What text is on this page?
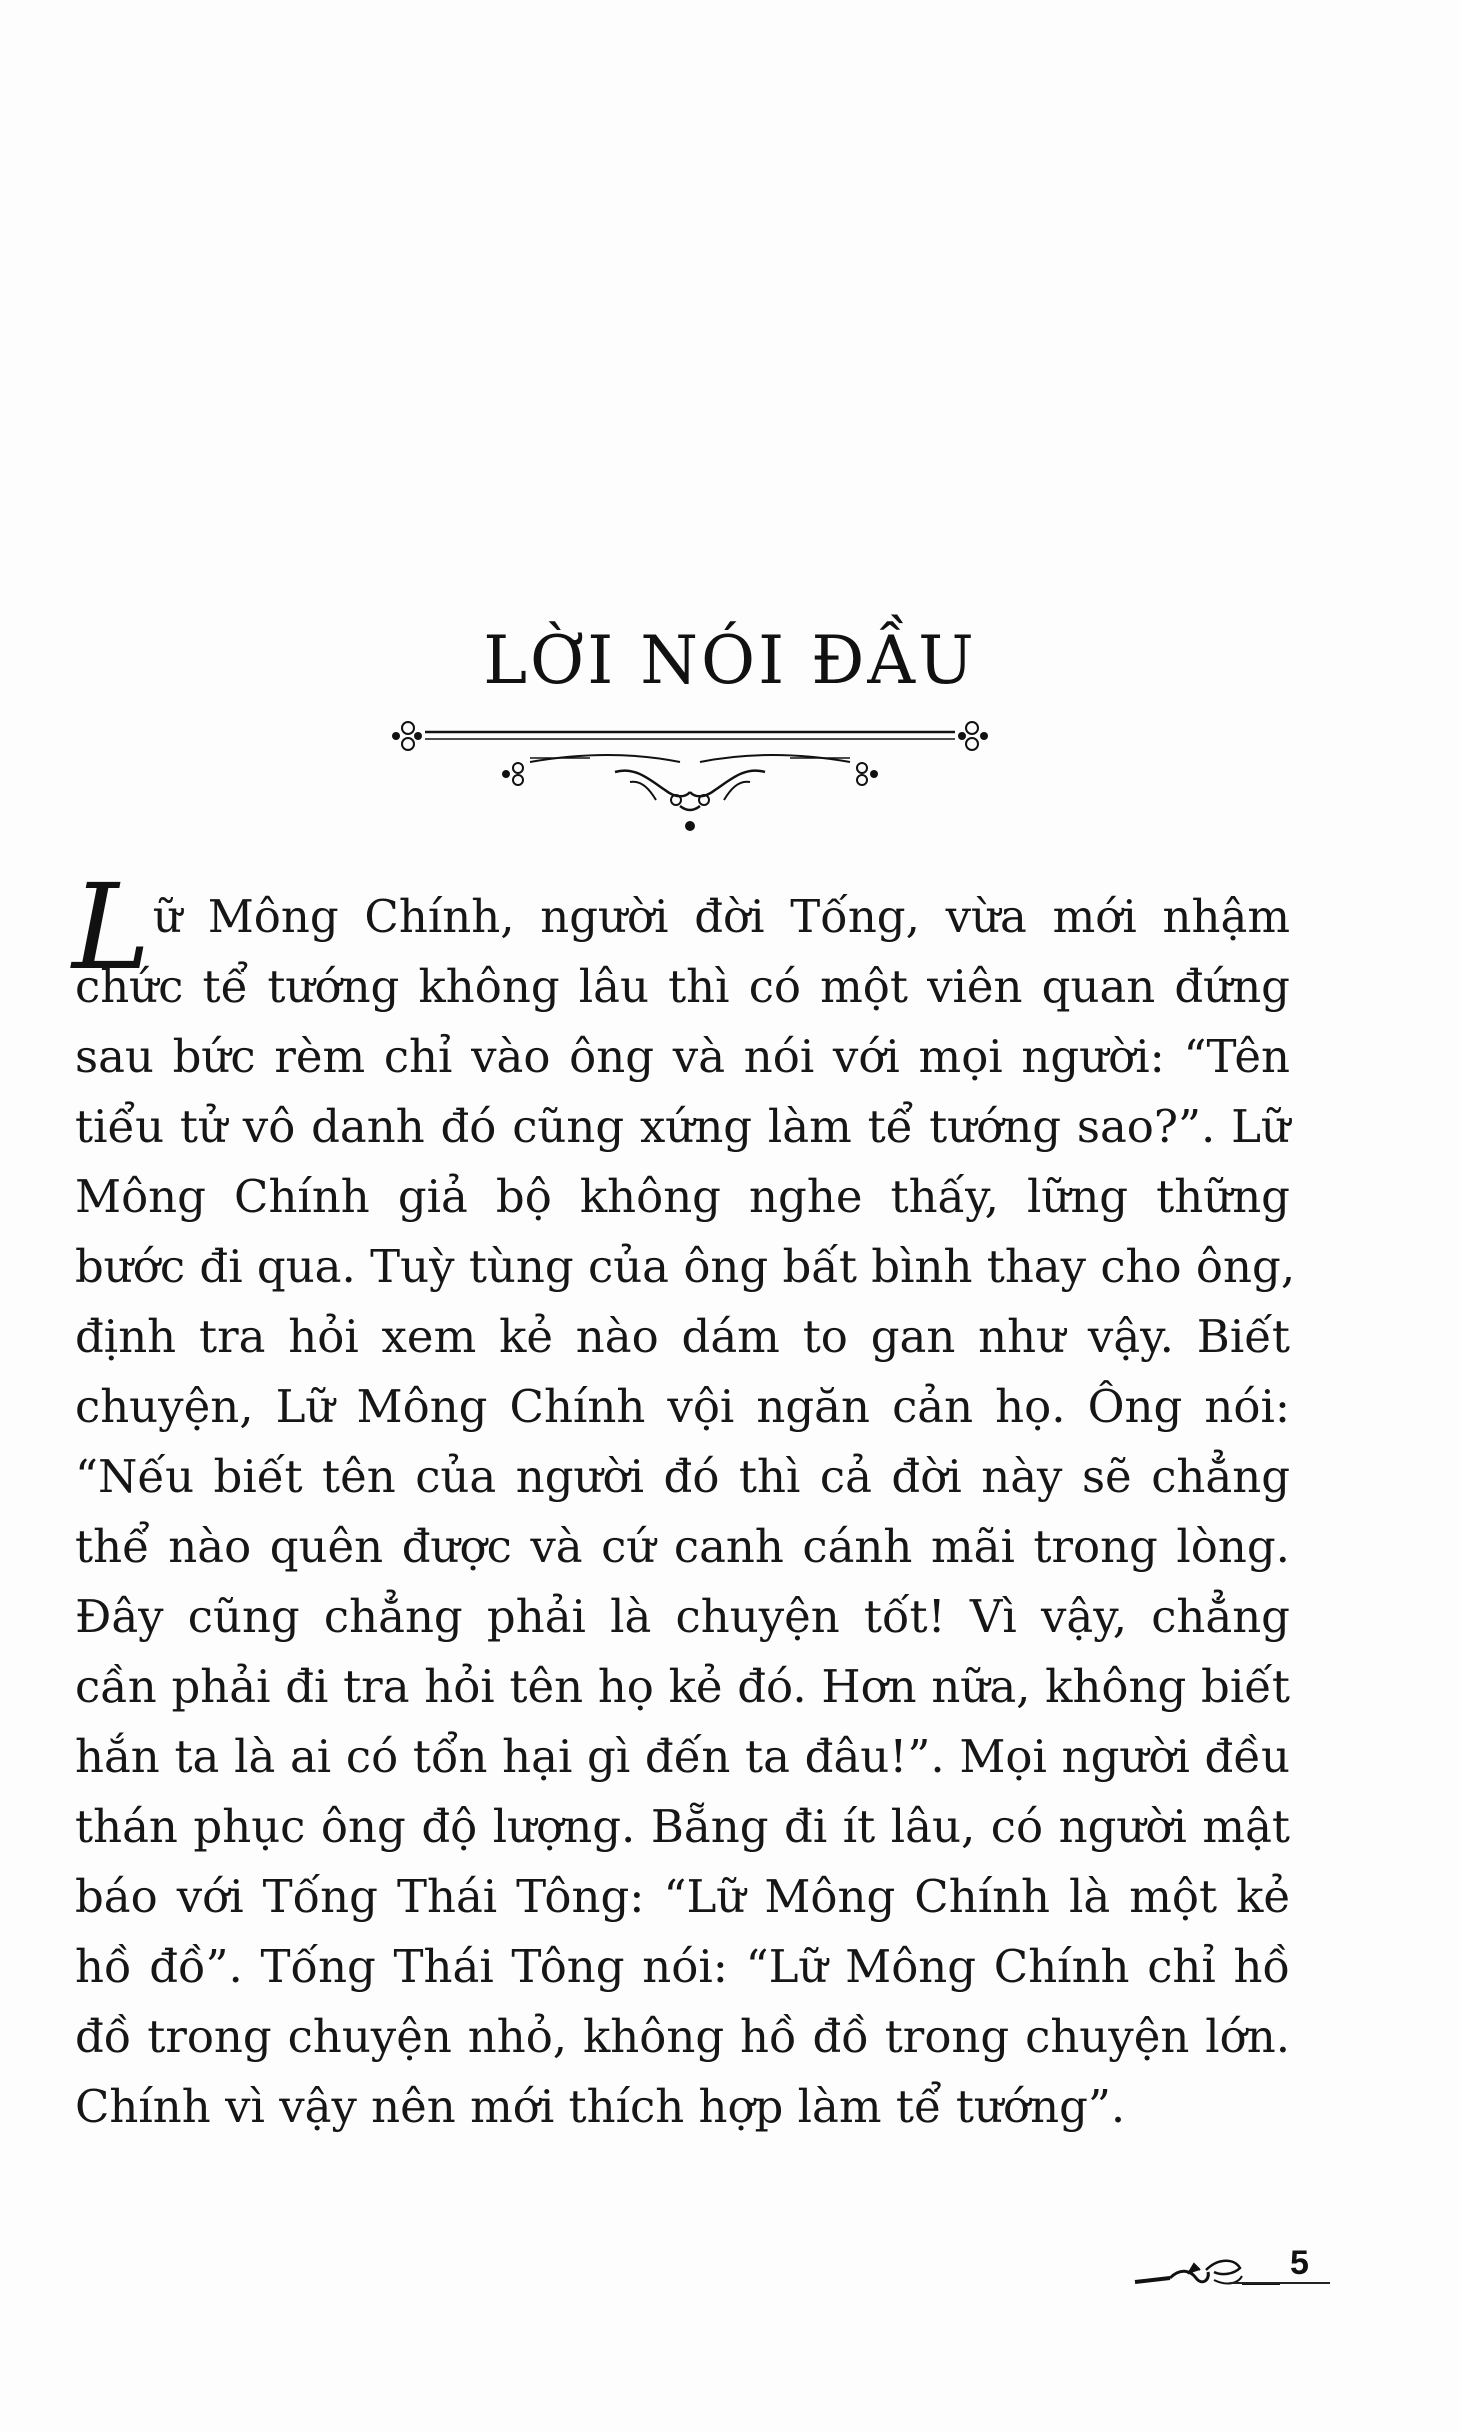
LỜI NÓI ĐẦU
L ữ Mông Chính, người đời Tống, vừa mới nhậm
chức tể tướng không lâu thì có một viên quan đứng
sau bức rèm chỉ vào ông và nói với mọi người: “Tên
tiểu tử vô danh đó cũng xứng làm tể tướng sao?”. Lữ
Mông Chính giả bộ không nghe thấy, lững thững
bước đi qua. Tuỳ tùng của ông bất bình thay cho ông,
định tra hỏi xem kẻ nào dám to gan như vậy. Biết
chuyện, Lữ Mông Chính vội ngăn cản họ. Ông nói:
“Nếu biết tên của người đó thì cả đời này sẽ chẳng
thể nào quên được và cứ canh cánh mãi trong lòng.
Đây cũng chẳng phải là chuyện tốt! Vì vậy, chẳng
cần phải đi tra hỏi tên họ kẻ đó. Hơn nữa, không biết
hắn ta là ai có tổn hại gì đến ta đâu!”. Mọi người đều
thán phục ông độ lượng. Bẵng đi ít lâu, có người mật
báo với Tống Thái Tông: “Lữ Mông Chính là một kẻ
hồ đồ”. Tống Thái Tông nói: “Lữ Mông Chính chỉ hồ
đồ trong chuyện nhỏ, không hồ đồ trong chuyện lớn.
Chính vì vậy nên mới thích hợp làm tể tướng”.
5
